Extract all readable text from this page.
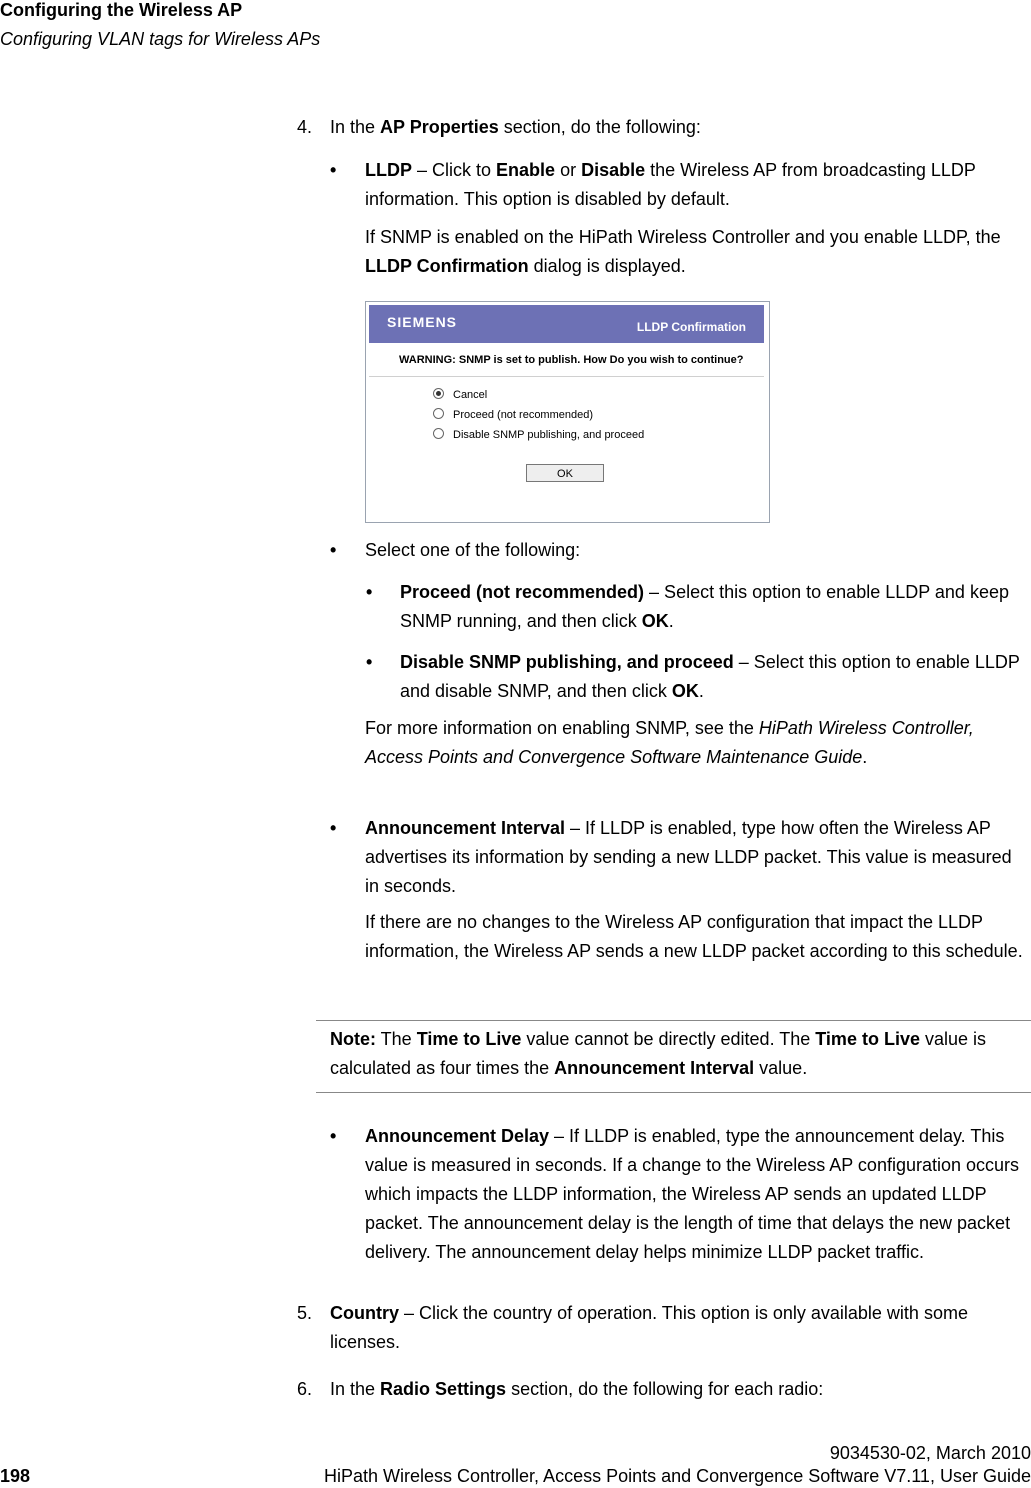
Configuring the Wireless AP
Configuring VLAN tags for Wireless APs
4. In the AP Properties section, do the following:
• LLDP – Click to Enable or Disable the Wireless AP from broadcasting LLDP information. This option is disabled by default.
If SNMP is enabled on the HiPath Wireless Controller and you enable LLDP, the LLDP Confirmation dialog is displayed.
SIEMENS	LLDP Confirmation
WARNING: SNMP is set to publish. How Do you wish to continue?
Cancel
Proceed (not recommended)
Disable SNMP publishing, and proceed
OK
• Select one of the following:
• Proceed (not recommended) – Select this option to enable LLDP and keep SNMP running, and then click OK.
• Disable SNMP publishing, and proceed – Select this option to enable LLDP and disable SNMP, and then click OK.
For more information on enabling SNMP, see the HiPath Wireless Controller, Access Points and Convergence Software Maintenance Guide.
• Announcement Interval – If LLDP is enabled, type how often the Wireless AP advertises its information by sending a new LLDP packet. This value is measured in seconds.
If there are no changes to the Wireless AP configuration that impact the LLDP information, the Wireless AP sends a new LLDP packet according to this schedule.
Note: The Time to Live value cannot be directly edited. The Time to Live value is calculated as four times the Announcement Interval value.
• Announcement Delay – If LLDP is enabled, type the announcement delay. This value is measured in seconds. If a change to the Wireless AP configuration occurs which impacts the LLDP information, the Wireless AP sends an updated LLDP packet. The announcement delay is the length of time that delays the new packet delivery. The announcement delay helps minimize LLDP packet traffic.
5. Country – Click the country of operation. This option is only available with some licenses.
6. In the Radio Settings section, do the following for each radio:
9034530-02, March 2010
198	HiPath Wireless Controller, Access Points and Convergence Software V7.11, User Guide
